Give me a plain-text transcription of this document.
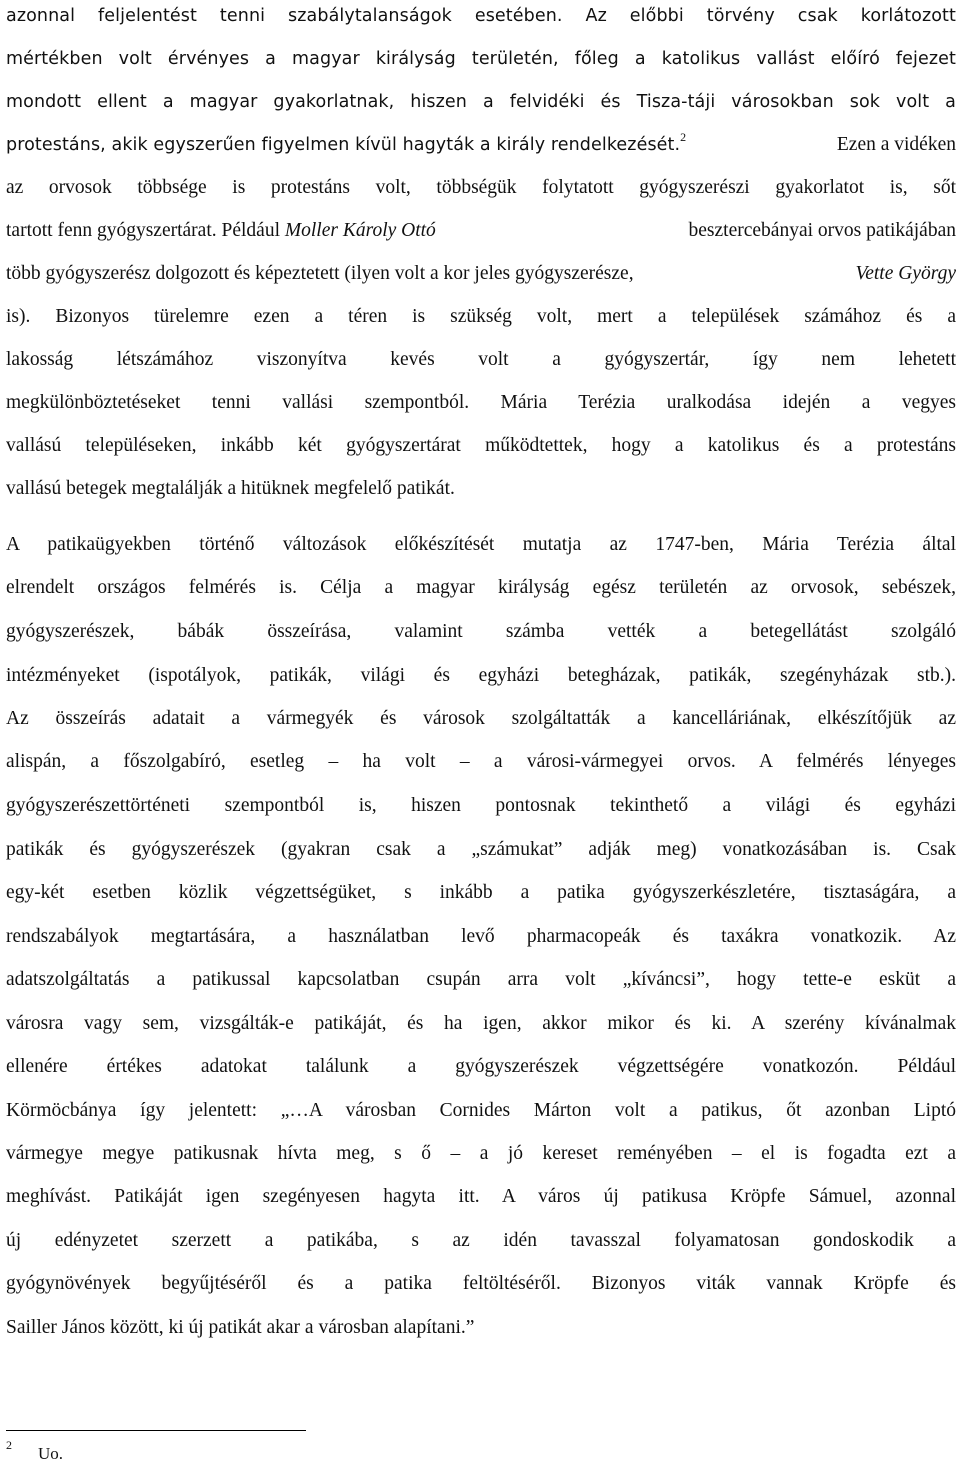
azonnal feljelentést tenni szabálytalanságok esetében. Az előbbi törvény csak korlátozott
mértékben volt érvényes a magyar királyság területén, főleg a katolikus vallást előíró fejezet
mondott ellent a magyar gyakorlatnak, hiszen a felvidéki és Tisza-táji városokban sok volt a
protestáns, akik egyszerűen figyelmen kívül hagyták a király rendelkezését.$^2$	Ezen a vidéken
az orvosok többsége is protestáns volt, többségük folytatott gyógyszerészi gyakorlatot is, sőt
tartott fenn gyógyszertárat. Például Moller Károly Ottó	besztercebányai orvos patikájában
több gyógyszerész dolgozott és képeztetett (ilyen volt a kor jeles gyógyszerésze,	Vette György
is). Bizonyos türelemre ezen a téren is szükség volt, mert a települések számához és a
lakosság létszámához viszonyítva kevés volt a gyógyszertár, így nem lehetett
megkülönböztetéseket tenni vallási szempontból. Mária Terézia uralkodása idején a vegyes
vallású településeken, inkább két gyógyszertárat működtettek, hogy a katolikus és a protestáns
vallású betegek megtalálják a hitüknek megfelelő patikát.
A patikaügyekben történő változások előkészítését mutatja az 1747-ben, Mária Terézia által
elrendelt országos felmérés is. Célja a magyar királyság egész területén az orvosok, sebészek,
gyógyszerészek, bábák összeírása, valamint számba vették a betegellátást szolgáló
intézményeket (ispotályok, patikák, világi és egyházi betegházak, patikák, szegényházak stb.).
Az összeírás adatait a vármegyék és városok szolgáltatták a kancelláriának, elkészítőjük az
alispán, a főszolgabíró, esetleg – ha volt – a városi-vármegyei orvos. A felmérés lényeges
gyógyszerészettörténeti szempontból is, hiszen pontosnak tekinthető a világi és egyházi
patikák és gyógyszerészek (gyakran csak a „számukat” adják meg) vonatkozásában is. Csak
egy-két esetben közlik végzettségüket, s inkább a patika gyógyszerkészletére, tisztaságára, a
rendszabályok megtartására, a használatban levő pharmacopeák és taxákra vonatkozik. Az
adatszolgáltatás a patikussal kapcsolatban csupán arra volt „kíváncsi”, hogy tette-e esküt a
városra vagy sem, vizsgálták-e patikáját, és ha igen, akkor mikor és ki. A szerény kívánalmak
ellenére értékes adatokat találunk a gyógyszerészek végzettségére vonatkozón. Például
Körmöcbánya így jelentett: „…A városban Cornides Márton volt a patikus, őt azonban Liptó
vármegye megye patikusnak hívta meg, s ő – a jó kereset reményében – el is fogadta ezt a
meghívást. Patikáját igen szegényesen hagyta itt. A város új patikusa Kröpfe Sámuel, azonnal
új edényzetet szerzett a patikába, s az idén tavasszal folyamatosan gondoskodik a
gyógynövények begyűjtéséről és a patika feltöltéséről. Bizonyos viták vannak Kröpfe és
Sailler János között, ki új patikát akar a városban alapítani.”
2 Uo.
